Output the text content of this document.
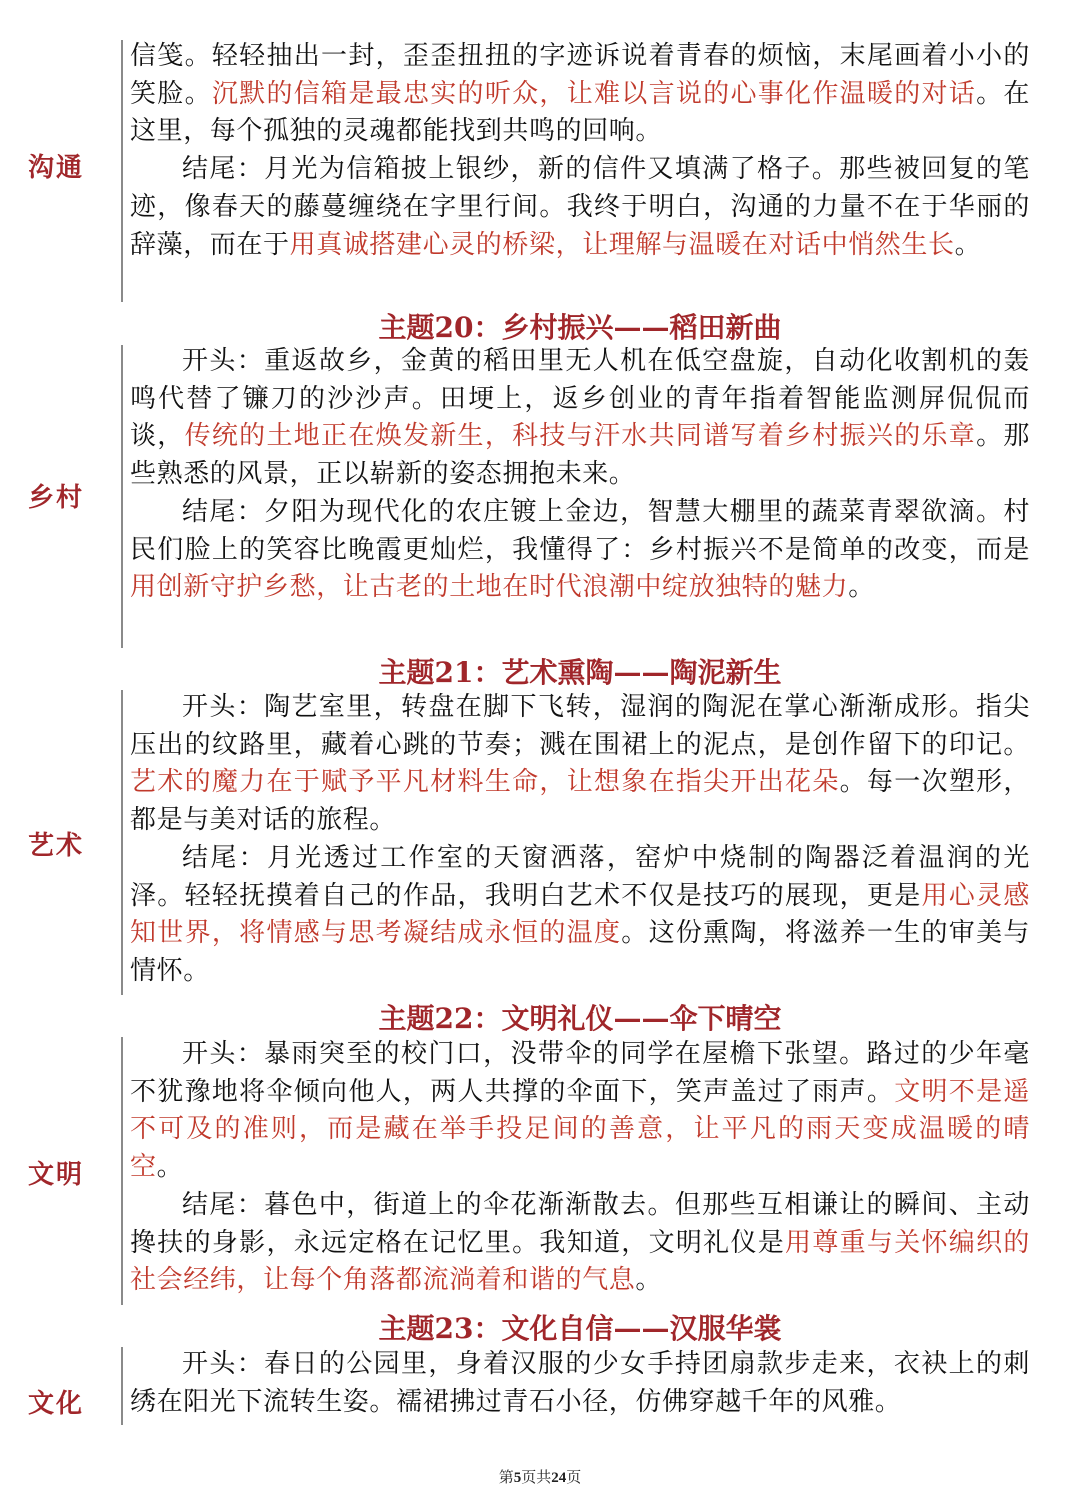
沟通

信笺。轻轻抽出一封，歪歪扭扭的字迹诉说着青春的烦恼，末尾画着小小的笑脸。沉默的信箱是最忠实的听众，让难以言说的心事化作温暖的对话。在这里，每个孤独的灵魂都能找到共鸣的回响。

结尾：月光为信箱披上银纱，新的信件又填满了格子。那些被回复的笔迹，像春天的藤蔓缠绕在字里行间。我终于明白，沟通的力量不在于华丽的辞藻，而在于用真诚搭建心灵的桥梁，让理解与温暖在对话中悄然生长。

主题20：乡村振兴——稻田新曲
乡村

开头：重返故乡，金黄的稻田里无人机在低空盘旋，自动化收割机的轰鸣代替了镰刀的沙沙声。田埂上，返乡创业的青年指着智能监测屏侃侃而谈，传统的土地正在焕发新生，科技与汗水共同谱写着乡村振兴的乐章。那些熟悉的风景，正以崭新的姿态拥抱未来。

结尾：夕阳为现代化的农庄镀上金边，智慧大棚里的蔬菜青翠欲滴。村民们脸上的笑容比晚霞更灿烂，我懂得了：乡村振兴不是简单的改变，而是用创新守护乡愁，让古老的土地在时代浪潮中绽放独特的魅力。

主题21：艺术熏陶——陶泥新生
艺术

开头：陶艺室里，转盘在脚下飞转，湿润的陶泥在掌心渐渐成形。指尖压出的纹路里，藏着心跳的节奏；溅在围裙上的泥点，是创作留下的印记。艺术的魔力在于赋予平凡材料生命，让想象在指尖开出花朵。每一次塑形，都是与美对话的旅程。

结尾：月光透过工作室的天窗洒落，窑炉中烧制的陶器泛着温润的光泽。轻轻抚摸着自己的作品，我明白艺术不仅是技巧的展现，更是用心灵感知世界，将情感与思考凝结成永恒的温度。这份熏陶，将滋养一生的审美与情怀。

主题22：文明礼仪——伞下晴空
文明

开头：暴雨突至的校门口，没带伞的同学在屋檐下张望。路过的少年毫不犹豫地将伞倾向他人，两人共撑的伞面下，笑声盖过了雨声。文明不是遥不可及的准则，而是藏在举手投足间的善意，让平凡的雨天变成温暖的晴空。

结尾：暮色中，街道上的伞花渐渐散去。但那些互相谦让的瞬间、主动搀扶的身影，永远定格在记忆里。我知道，文明礼仪是用尊重与关怀编织的社会经纬，让每个角落都流淌着和谐的气息。

主题23：文化自信——汉服华裳
文化

开头：春日的公园里，身着汉服的少女手持团扇款步走来，衣袂上的刺绣在阳光下流转生姿。襦裙拂过青石小径，仿佛穿越千年的风雅。

第5页共24页
